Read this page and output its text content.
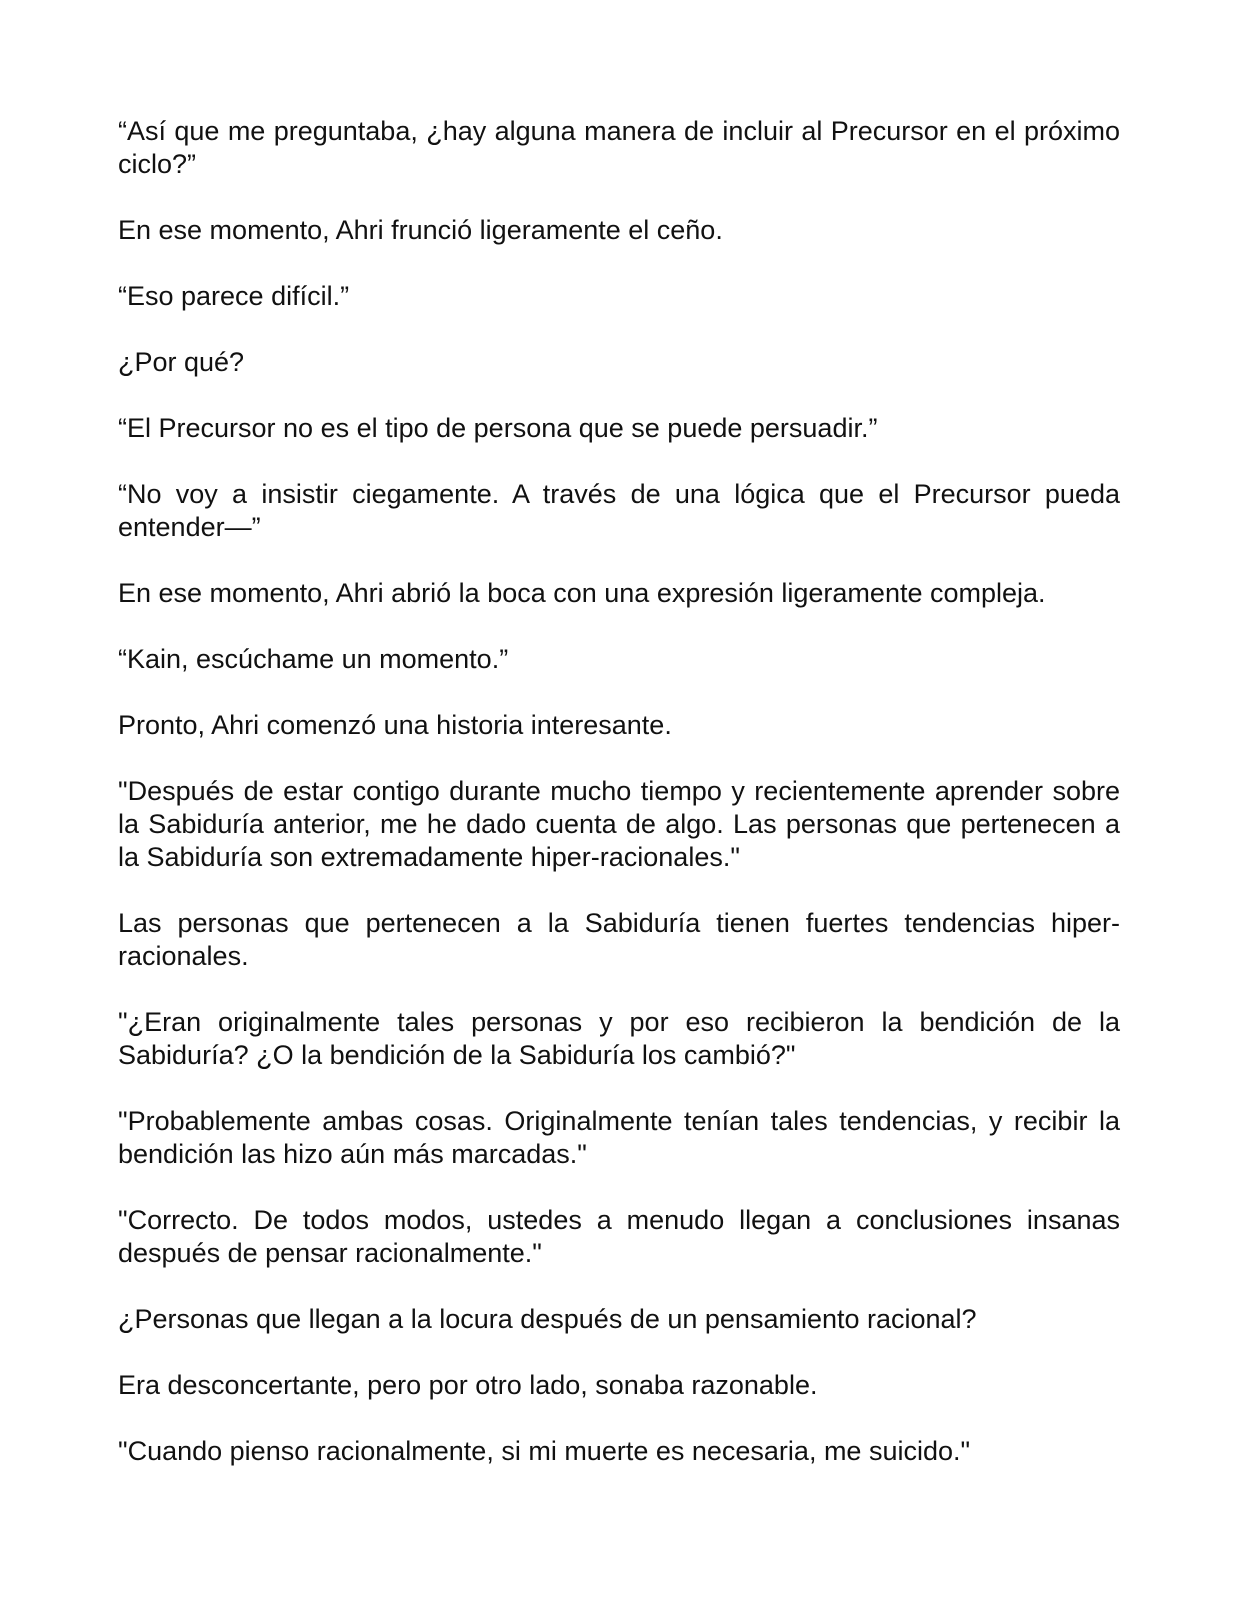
“Así que me preguntaba, ¿hay alguna manera de incluir al Precursor en el próximo ciclo?”

En ese momento, Ahri frunció ligeramente el ceño.

“Eso parece difícil.”

¿Por qué?

“El Precursor no es el tipo de persona que se puede persuadir.”

“No voy a insistir ciegamente. A través de una lógica que el Precursor pueda entender—”

En ese momento, Ahri abrió la boca con una expresión ligeramente compleja.

“Kain, escúchame un momento.”

Pronto, Ahri comenzó una historia interesante.

"Después de estar contigo durante mucho tiempo y recientemente aprender sobre la Sabiduría anterior, me he dado cuenta de algo. Las personas que pertenecen a la Sabiduría son extremadamente hiper-racionales."

Las personas que pertenecen a la Sabiduría tienen fuertes tendencias hiper-racionales.

"¿Eran originalmente tales personas y por eso recibieron la bendición de la Sabiduría? ¿O la bendición de la Sabiduría los cambió?"

"Probablemente ambas cosas. Originalmente tenían tales tendencias, y recibir la bendición las hizo aún más marcadas."

"Correcto. De todos modos, ustedes a menudo llegan a conclusiones insanas después de pensar racionalmente."

¿Personas que llegan a la locura después de un pensamiento racional?

Era desconcertante, pero por otro lado, sonaba razonable.

"Cuando pienso racionalmente, si mi muerte es necesaria, me suicido."
